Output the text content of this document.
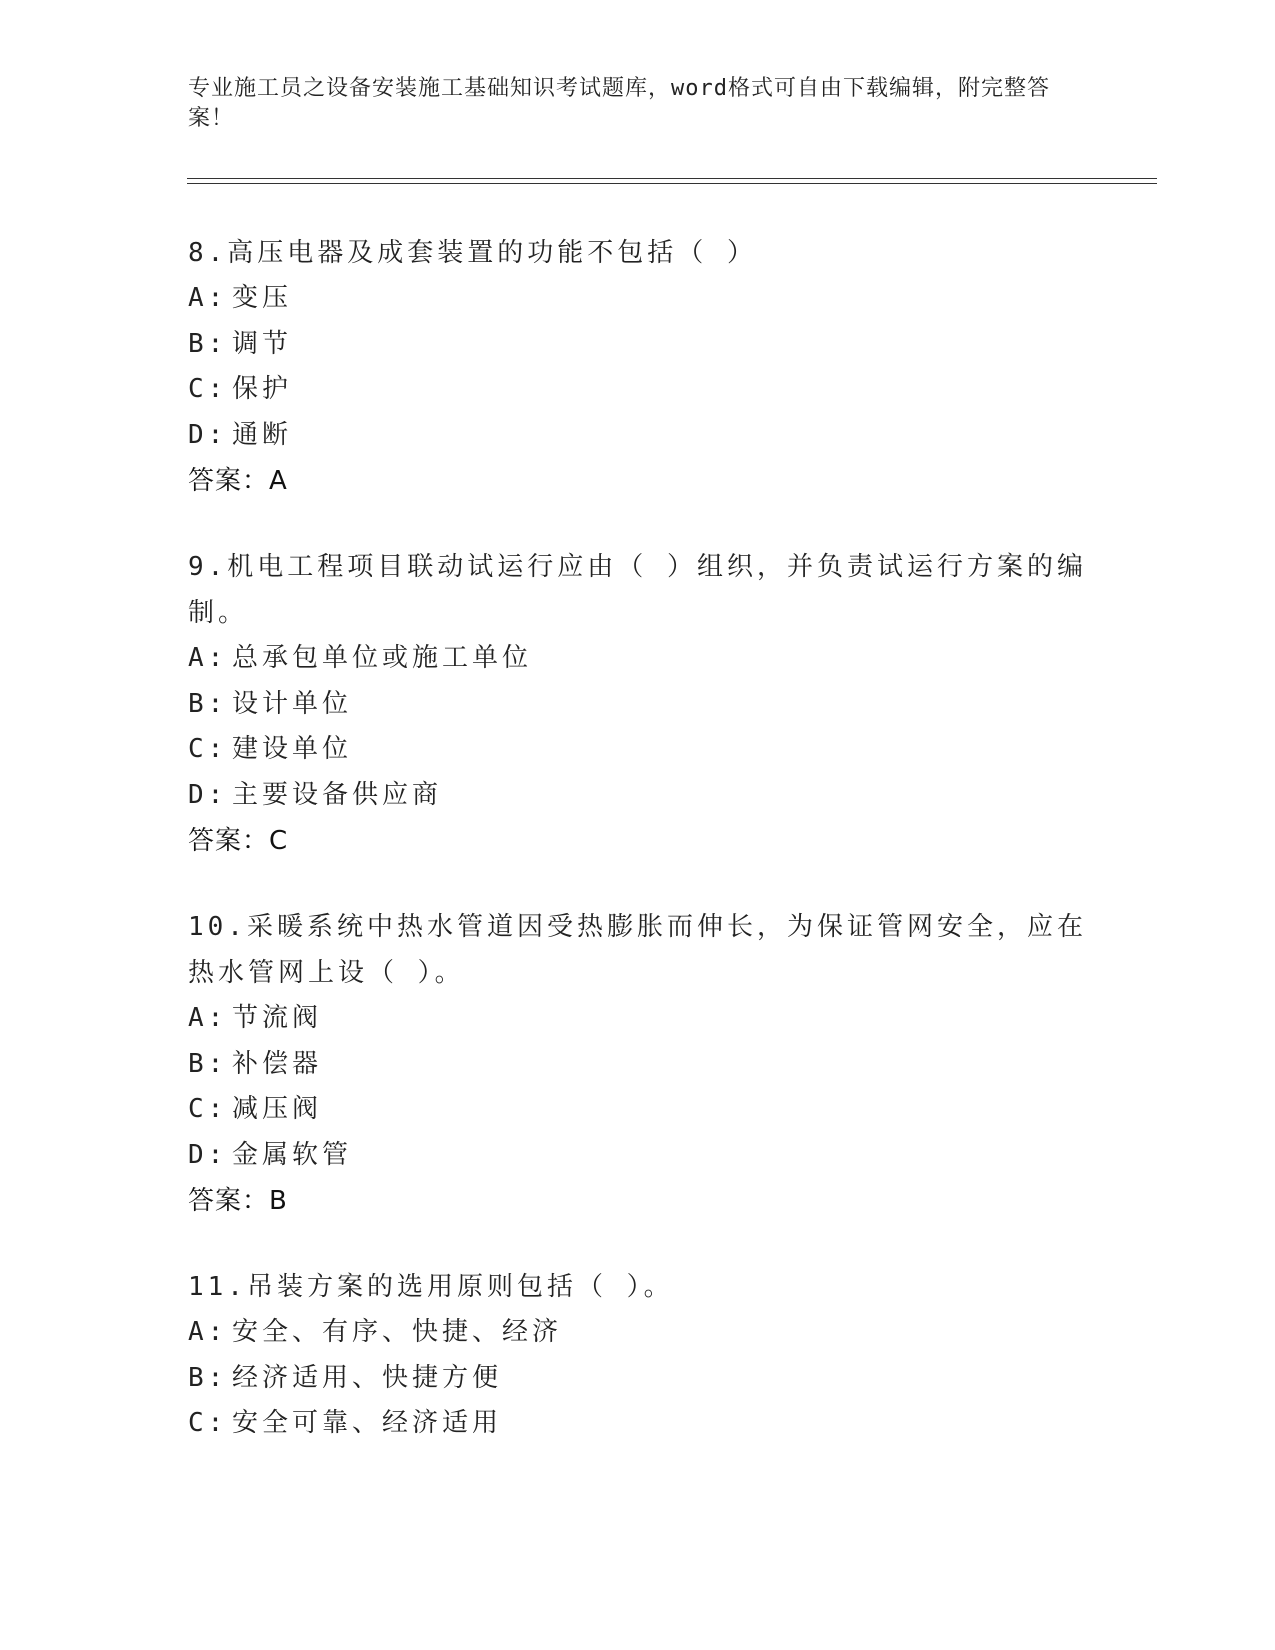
专业施工员之设备安装施工基础知识考试题库，word格式可自由下载编辑，附完整答案！

8.高压电器及成套装置的功能不包括（ ）

A: 变压

B: 调节

C: 保护

D: 通断

答案：A

9.机电工程项目联动试运行应由（ ）组织，并负责试运行方案的编制。

A: 总承包单位或施工单位

B: 设计单位

C: 建设单位

D: 主要设备供应商

答案：C

10.采暖系统中热水管道因受热膨胀而伸长，为保证管网安全，应在热水管网上设（ ）。

A: 节流阀

B: 补偿器

C: 减压阀

D: 金属软管

答案：B

11.吊装方案的选用原则包括（ ）。

A: 安全、有序、快捷、经济

B: 经济适用、快捷方便

C: 安全可靠、经济适用
